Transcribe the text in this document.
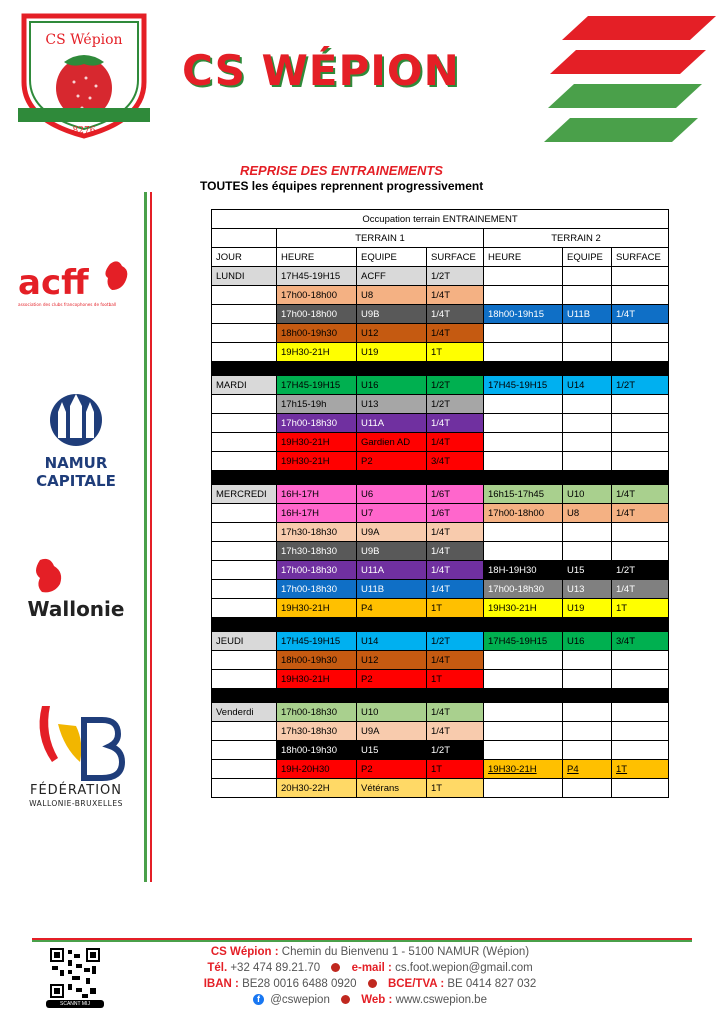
CS Wépion
8276
CS WÉPION
REPRISE DES ENTRAINEMENTS
TOUTES les équipes reprennent progressivement
acff
association des clubs francophones de football
NAMUR
CAPITALE
Wallonie
FÉDÉRATION
WALLONIE-BRUXELLES
Occupation terrain ENTRAINEMENT						
	TERRAIN 1			TERRAIN 2		
JOUR	HEURE	EQUIPE	SURFACE	HEURE	EQUIPE	SURFACE
LUNDI	17H45-19H15	ACFF	1/2T			
	17h00-18h00	U8	1/4T			
	17h00-18h00	U9B	1/4T	18h00-19h15	U11B	1/4T
	18h00-19h30	U12	1/4T			
	19H30-21H	U19	1T			

MARDI	17H45-19H15	U16	1/2T	17H45-19H15	U14	1/2T
	17h15-19h	U13	1/2T			
	17h00-18h30	U11A	1/4T			
	19H30-21H	Gardien AD	1/4T			
	19H30-21H	P2	3/4T			

MERCREDI	16H-17H	U6	1/6T	16h15-17h45	U10	1/4T
	16H-17H	U7	1/6T	17h00-18h00	U8	1/4T
	17h30-18h30	U9A	1/4T			
	17h30-18h30	U9B	1/4T			
	17h00-18h30	U11A	1/4T	18H-19H30	U15	1/2T
	17h00-18h30	U11B	1/4T	17h00-18h30	U13	1/4T
	19H30-21H	P4	1T	19H30-21H	U19	1T

JEUDI	17H45-19H15	U14	1/2T	17H45-19H15	U16	3/4T
	18h00-19h30	U12	1/4T			
	19H30-21H	P2	1T			

Venderdi	17h00-18h30	U10	1/4T			
	17h30-18h30	U9A	1/4T			
	18h00-19h30	U15	1/2T			
	19H-20H30	P2	1T	19H30-21H	P4	1T
	20H30-22H	Vétérans	1T			
SCANNT MIJ
CS Wépion : Chemin du Bienvenu 1 - 5100 NAMUR (Wépion)
Tél. +32 474 89.21.70	e-mail : cs.foot.wepion@gmail.com
IBAN : BE28 0016 6488 0920	BCE/TVA : BE 0414 827 032
f @cswepion	Web : www.cswepion.be
